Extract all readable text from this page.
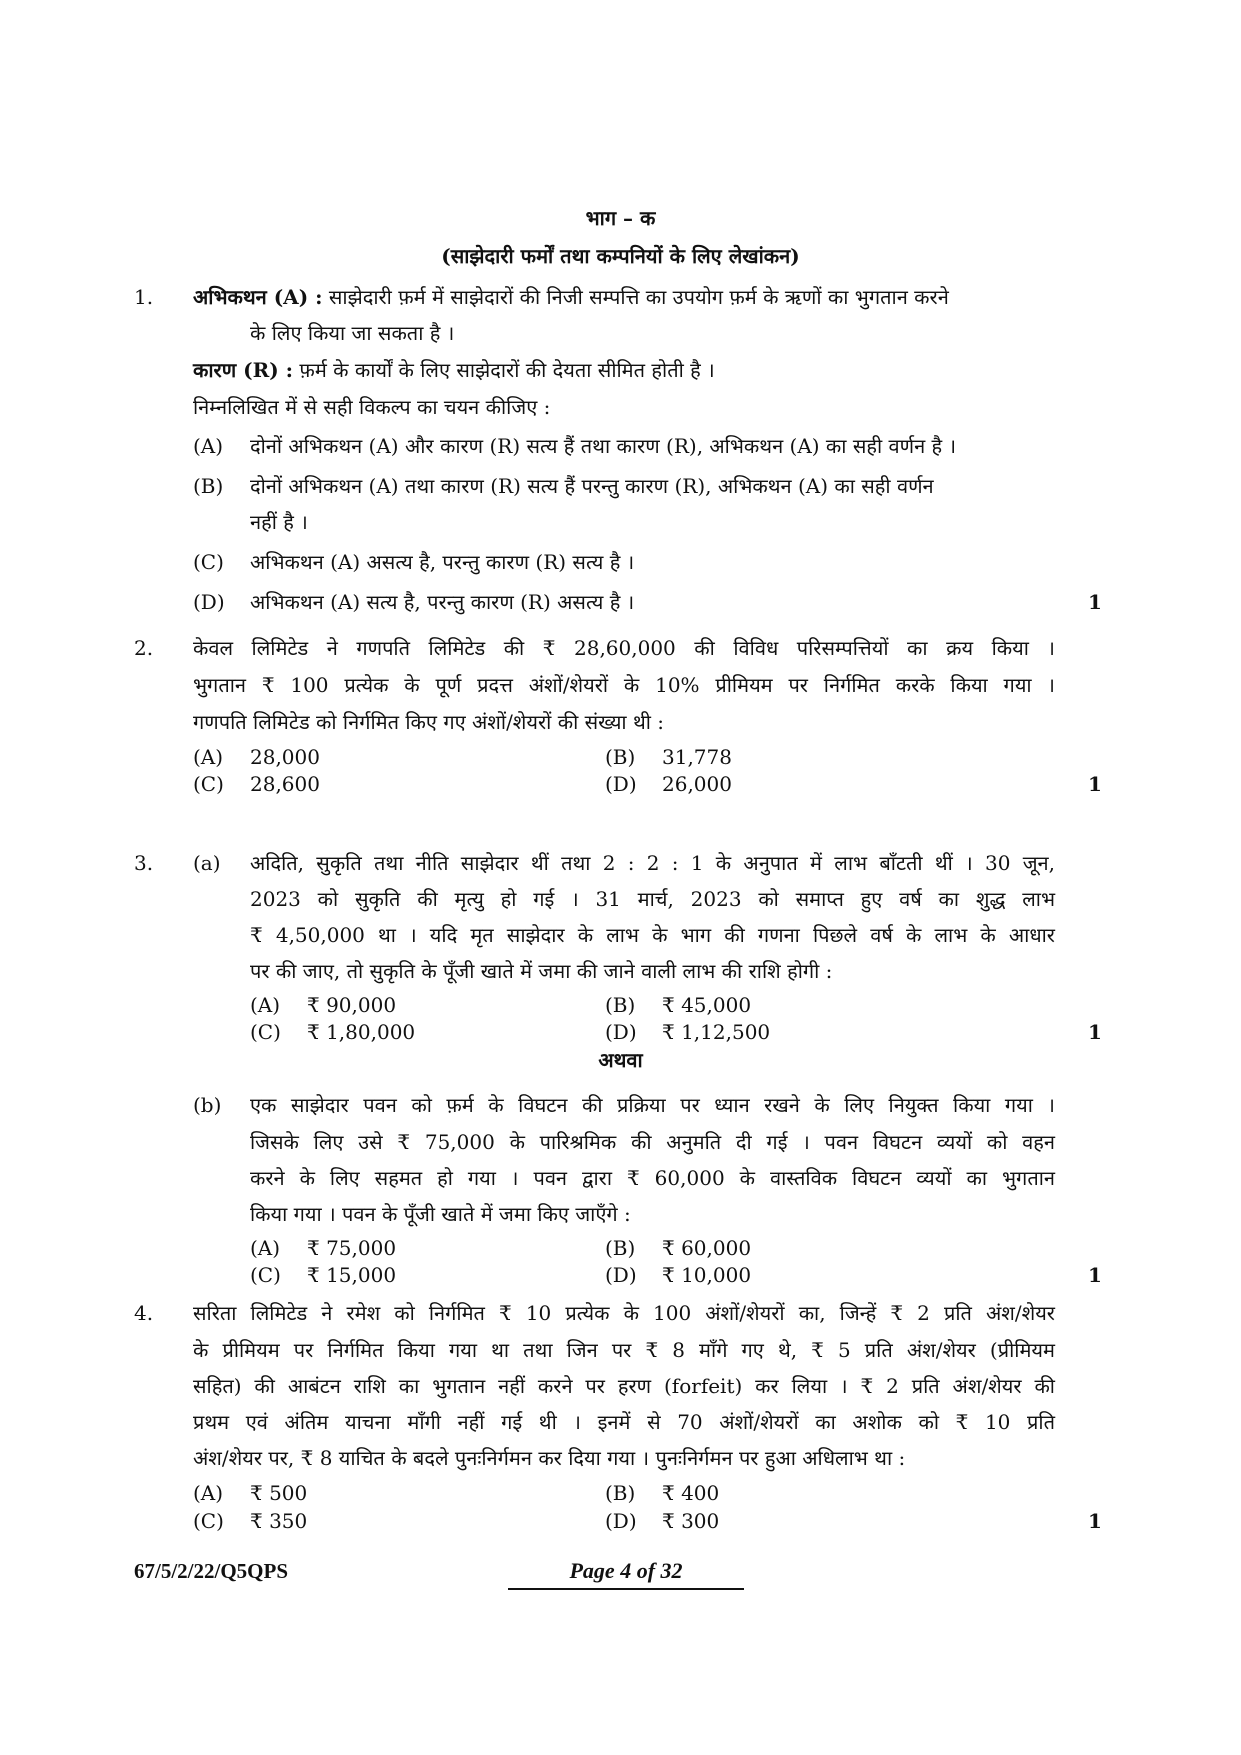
भाग – क
(साझेदारी फर्मों तथा कम्पनियों के लिए लेखांकन)
1. अभिकथन (A) : साझेदारी फ़र्म में साझेदारों की निजी सम्पत्ति का उपयोग फ़र्म के ऋणों का भुगतान करने
के लिए किया जा सकता है ।
कारण (R) : फ़र्म के कार्यों के लिए साझेदारों की देयता सीमित होती है ।
निम्नलिखित में से सही विकल्प का चयन कीजिए :
(A) दोनों अभिकथन (A) और कारण (R) सत्य हैं तथा कारण (R), अभिकथन (A) का सही वर्णन है ।
(B) दोनों अभिकथन (A) तथा कारण (R) सत्य हैं परन्तु कारण (R), अभिकथन (A) का सही वर्णन
नहीं है ।
(C) अभिकथन (A) असत्य है, परन्तु कारण (R) सत्य है ।
(D) अभिकथन (A) सत्य है, परन्तु कारण (R) असत्य है ।	1
2. केवल लिमिटेड ने गणपति लिमिटेड की ₹ 28,60,000 की विविध परिसम्पत्तियों का क्रय किया ।
भुगतान ₹ 100 प्रत्येक के पूर्ण प्रदत्त अंशों/शेयरों के 10% प्रीमियम पर निर्गमित करके किया गया ।
गणपति लिमिटेड को निर्गमित किए गए अंशों/शेयरों की संख्या थी :
(A) 28,000	(B) 31,778
(C) 28,600	(D) 26,000	1
3. (a) अदिति, सुकृति तथा नीति साझेदार थीं तथा 2 : 2 : 1 के अनुपात में लाभ बाँटती थीं । 30 जून,
2023 को सुकृति की मृत्यु हो गई । 31 मार्च, 2023 को समाप्त हुए वर्ष का शुद्ध लाभ
₹ 4,50,000 था । यदि मृत साझेदार के लाभ के भाग की गणना पिछले वर्ष के लाभ के आधार
पर की जाए, तो सुकृति के पूँजी खाते में जमा की जाने वाली लाभ की राशि होगी :
(A) ₹ 90,000	(B) ₹ 45,000
(C) ₹ 1,80,000	(D) ₹ 1,12,500	1
अथवा
(b) एक साझेदार पवन को फ़र्म के विघटन की प्रक्रिया पर ध्यान रखने के लिए नियुक्त किया गया ।
जिसके लिए उसे ₹ 75,000 के पारिश्रमिक की अनुमति दी गई । पवन विघटन व्ययों को वहन
करने के लिए सहमत हो गया । पवन द्वारा ₹ 60,000 के वास्तविक विघटन व्ययों का भुगतान
किया गया । पवन के पूँजी खाते में जमा किए जाएँगे :
(A) ₹ 75,000	(B) ₹ 60,000
(C) ₹ 15,000	(D) ₹ 10,000	1
4. सरिता लिमिटेड ने रमेश को निर्गमित ₹ 10 प्रत्येक के 100 अंशों/शेयरों का, जिन्हें ₹ 2 प्रति अंश/शेयर
के प्रीमियम पर निर्गमित किया गया था तथा जिन पर ₹ 8 माँगे गए थे, ₹ 5 प्रति अंश/शेयर (प्रीमियम
सहित) की आबंटन राशि का भुगतान नहीं करने पर हरण (forfeit) कर लिया । ₹ 2 प्रति अंश/शेयर की
प्रथम एवं अंतिम याचना माँगी नहीं गई थी । इनमें से 70 अंशों/शेयरों का अशोक को ₹ 10 प्रति
अंश/शेयर पर, ₹ 8 याचित के बदले पुनःनिर्गमन कर दिया गया । पुनःनिर्गमन पर हुआ अधिलाभ था :
(A) ₹ 500	(B) ₹ 400
(C) ₹ 350	(D) ₹ 300	1
67/5/2/22/Q5QPS	Page 4 of 32
